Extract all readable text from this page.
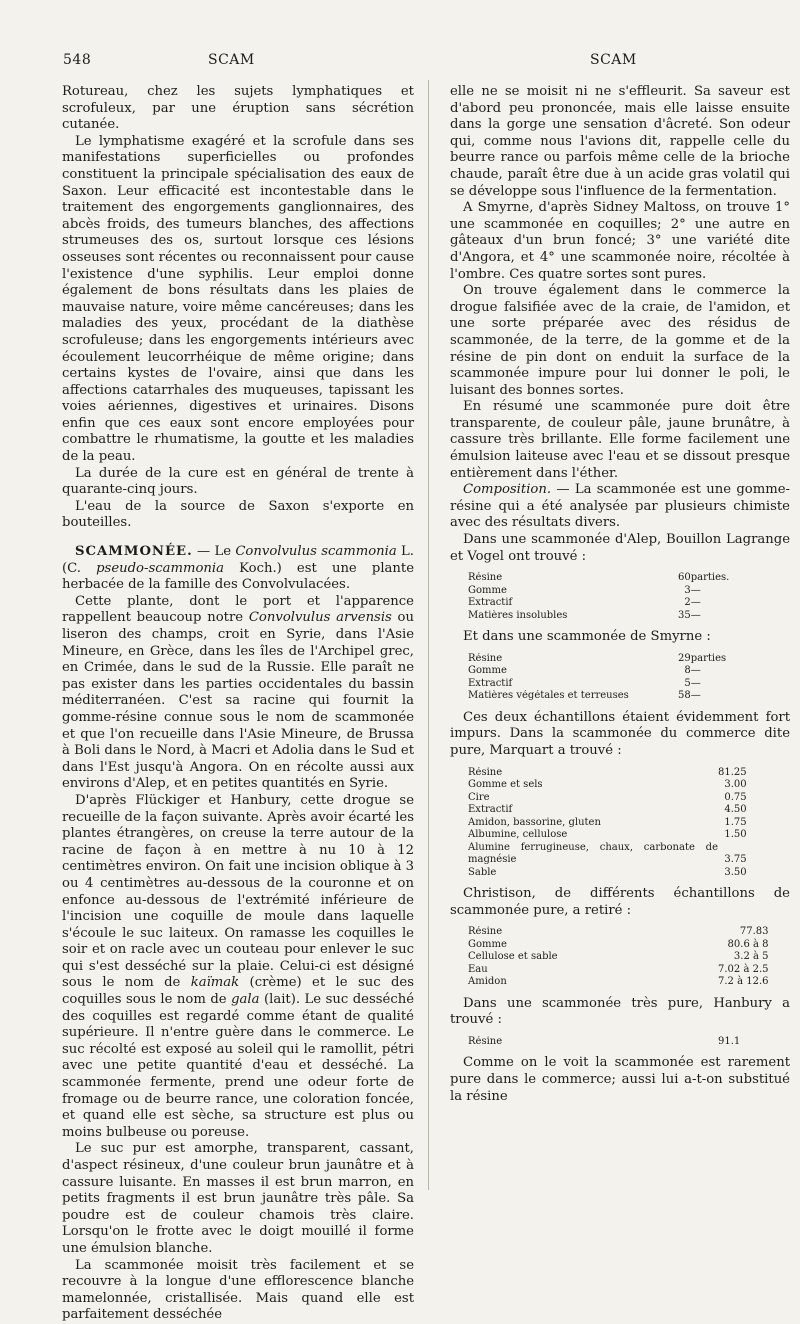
548	SCAM	SCAM

Rotureau, chez les sujets lymphatiques et scrofuleux, par une éruption sans sécrétion cutanée.

Le lymphatisme exagéré et la scrofule dans ses manifestations superficielles ou profondes constituent la principale spécialisation des eaux de Saxon. Leur efficacité est incontestable dans le traitement des engorgements ganglionnaires, des abcès froids, des tumeurs blanches, des affections strumeuses des os, surtout lorsque ces lésions osseuses sont récentes ou reconnaissent pour cause l'existence d'une syphilis. Leur emploi donne également de bons résultats dans les plaies de mauvaise nature, voire même cancéreuses; dans les maladies des yeux, procédant de la diathèse scrofuleuse; dans les engorgements intérieurs avec écoulement leucorrhéique de même origine; dans certains kystes de l'ovaire, ainsi que dans les affections catarrhales des muqueuses, tapissant les voies aériennes, digestives et urinaires. Disons enfin que ces eaux sont encore employées pour combattre le rhumatisme, la goutte et les maladies de la peau.

La durée de la cure est en général de trente à quarante-cinq jours.

L'eau de la source de Saxon s'exporte en bouteilles.

SCAMMONÉE. — Le Convolvulus scammonia L. (C. pseudo-scammonia Koch.) est une plante herbacée de la famille des Convolvulacées.

Cette plante, dont le port et l'apparence rappellent beaucoup notre Convolvulus arvensis ou liseron des champs, croit en Syrie, dans l'Asie Mineure, en Grèce, dans les îles de l'Archipel grec, en Crimée, dans le sud de la Russie. Elle paraît ne pas exister dans les parties occidentales du bassin méditerranéen. C'est sa racine qui fournit la gomme-résine connue sous le nom de scammonée et que l'on recueille dans l'Asie Mineure, de Brussa à Boli dans le Nord, à Macri et Adolia dans le Sud et dans l'Est jusqu'à Angora. On en récolte aussi aux environs d'Alep, et en petites quantités en Syrie.

D'après Flückiger et Hanbury, cette drogue se recueille de la façon suivante. Après avoir écarté les plantes étrangères, on creuse la terre autour de la racine de façon à en mettre à nu 10 à 12 centimètres environ. On fait une incision oblique à 3 ou 4 centimètres au-dessous de la couronne et on enfonce au-dessous de l'extrémité inférieure de l'incision une coquille de moule dans laquelle s'écoule le suc laiteux. On ramasse les coquilles le soir et on racle avec un couteau pour enlever le suc qui s'est desséché sur la plaie. Celui-ci est désigné sous le nom de kaïmak (crème) et le suc des coquilles sous le nom de gala (lait). Le suc desséché des coquilles est regardé comme étant de qualité supérieure. Il n'entre guère dans le commerce. Le suc récolté est exposé au soleil qui le ramollit, pétri avec une petite quantité d'eau et desséché. La scammonée fermente, prend une odeur forte de fromage ou de beurre rance, une coloration foncée, et quand elle est sèche, sa structure est plus ou moins bulbeuse ou poreuse.

Le suc pur est amorphe, transparent, cassant, d'aspect résineux, d'une couleur brun jaunâtre et à cassure luisante. En masses il est brun marron, en petits fragments il est brun jaunâtre très pâle. Sa poudre est de couleur chamois très claire. Lorsqu'on le frotte avec le doigt mouillé il forme une émulsion blanche.

La scammonée moisit très facilement et se recouvre à la longue d'une efflorescence blanche mamelonnée, cristallisée. Mais quand elle est parfaitement desséchée

elle ne se moisit ni ne s'effleurit. Sa saveur est d'abord peu prononcée, mais elle laisse ensuite dans la gorge une sensation d'âcreté. Son odeur qui, comme nous l'avions dit, rappelle celle du beurre rance ou parfois même celle de la brioche chaude, paraît être due à un acide gras volatil qui se développe sous l'influence de la fermentation.

A Smyrne, d'après Sidney Maltoss, on trouve 1° une scammonée en coquilles; 2° une autre en gâteaux d'un brun foncé; 3° une variété dite d'Angora, et 4° une scammonée noire, récoltée à l'ombre. Ces quatre sortes sont pures.

On trouve également dans le commerce la drogue falsifiée avec de la craie, de l'amidon, et une sorte préparée avec des résidus de scammonée, de la terre, de la gomme et de la résine de pin dont on enduit la surface de la scammonée impure pour lui donner le poli, le luisant des bonnes sortes.

En résumé une scammonée pure doit être transparente, de couleur pâle, jaune brunâtre, à cassure très brillante. Elle forme facilement une émulsion laiteuse avec l'eau et se dissout presque entièrement dans l'éther.

Composition. — La scammonée est une gomme-résine qui a été analysée par plusieurs chimiste avec des résultats divers.

Dans une scammonée d'Alep, Bouillon Lagrange et Vogel ont trouvé :

Résine	60	parties.
Gomme	3	—
Extractif	2	—
Matières insolubles	35	—

Et dans une scammonée de Smyrne :

Résine	29	parties
Gomme	8	—
Extractif	5	—
Matières végétales et terreuses	58	—

Ces deux échantillons étaient évidemment fort impurs. Dans la scammonée du commerce dite pure, Marquart a trouvé :

Résine	81.25
Gomme et sels	3.00
Cire	0.75
Extractif	4.50
Amidon, bassorine, gluten	1.75
Albumine, cellulose	1.50
Alumine ferrugineuse, chaux, carbonate de magnésie	3.75
Sable	3.50

Christison, de différents échantillons de scammonée pure, a retiré :

Résine	77.83
Gomme	80.6 à 8
Cellulose et sable	3.2 à 5
Eau	7.02 à 2.5
Amidon	7.2 à 12.6

Dans une scammonée très pure, Hanbury a trouvé :

Résine	91.1

Comme on le voit la scammonée est rarement pure dans le commerce; aussi lui a-t-on substitué la résine
